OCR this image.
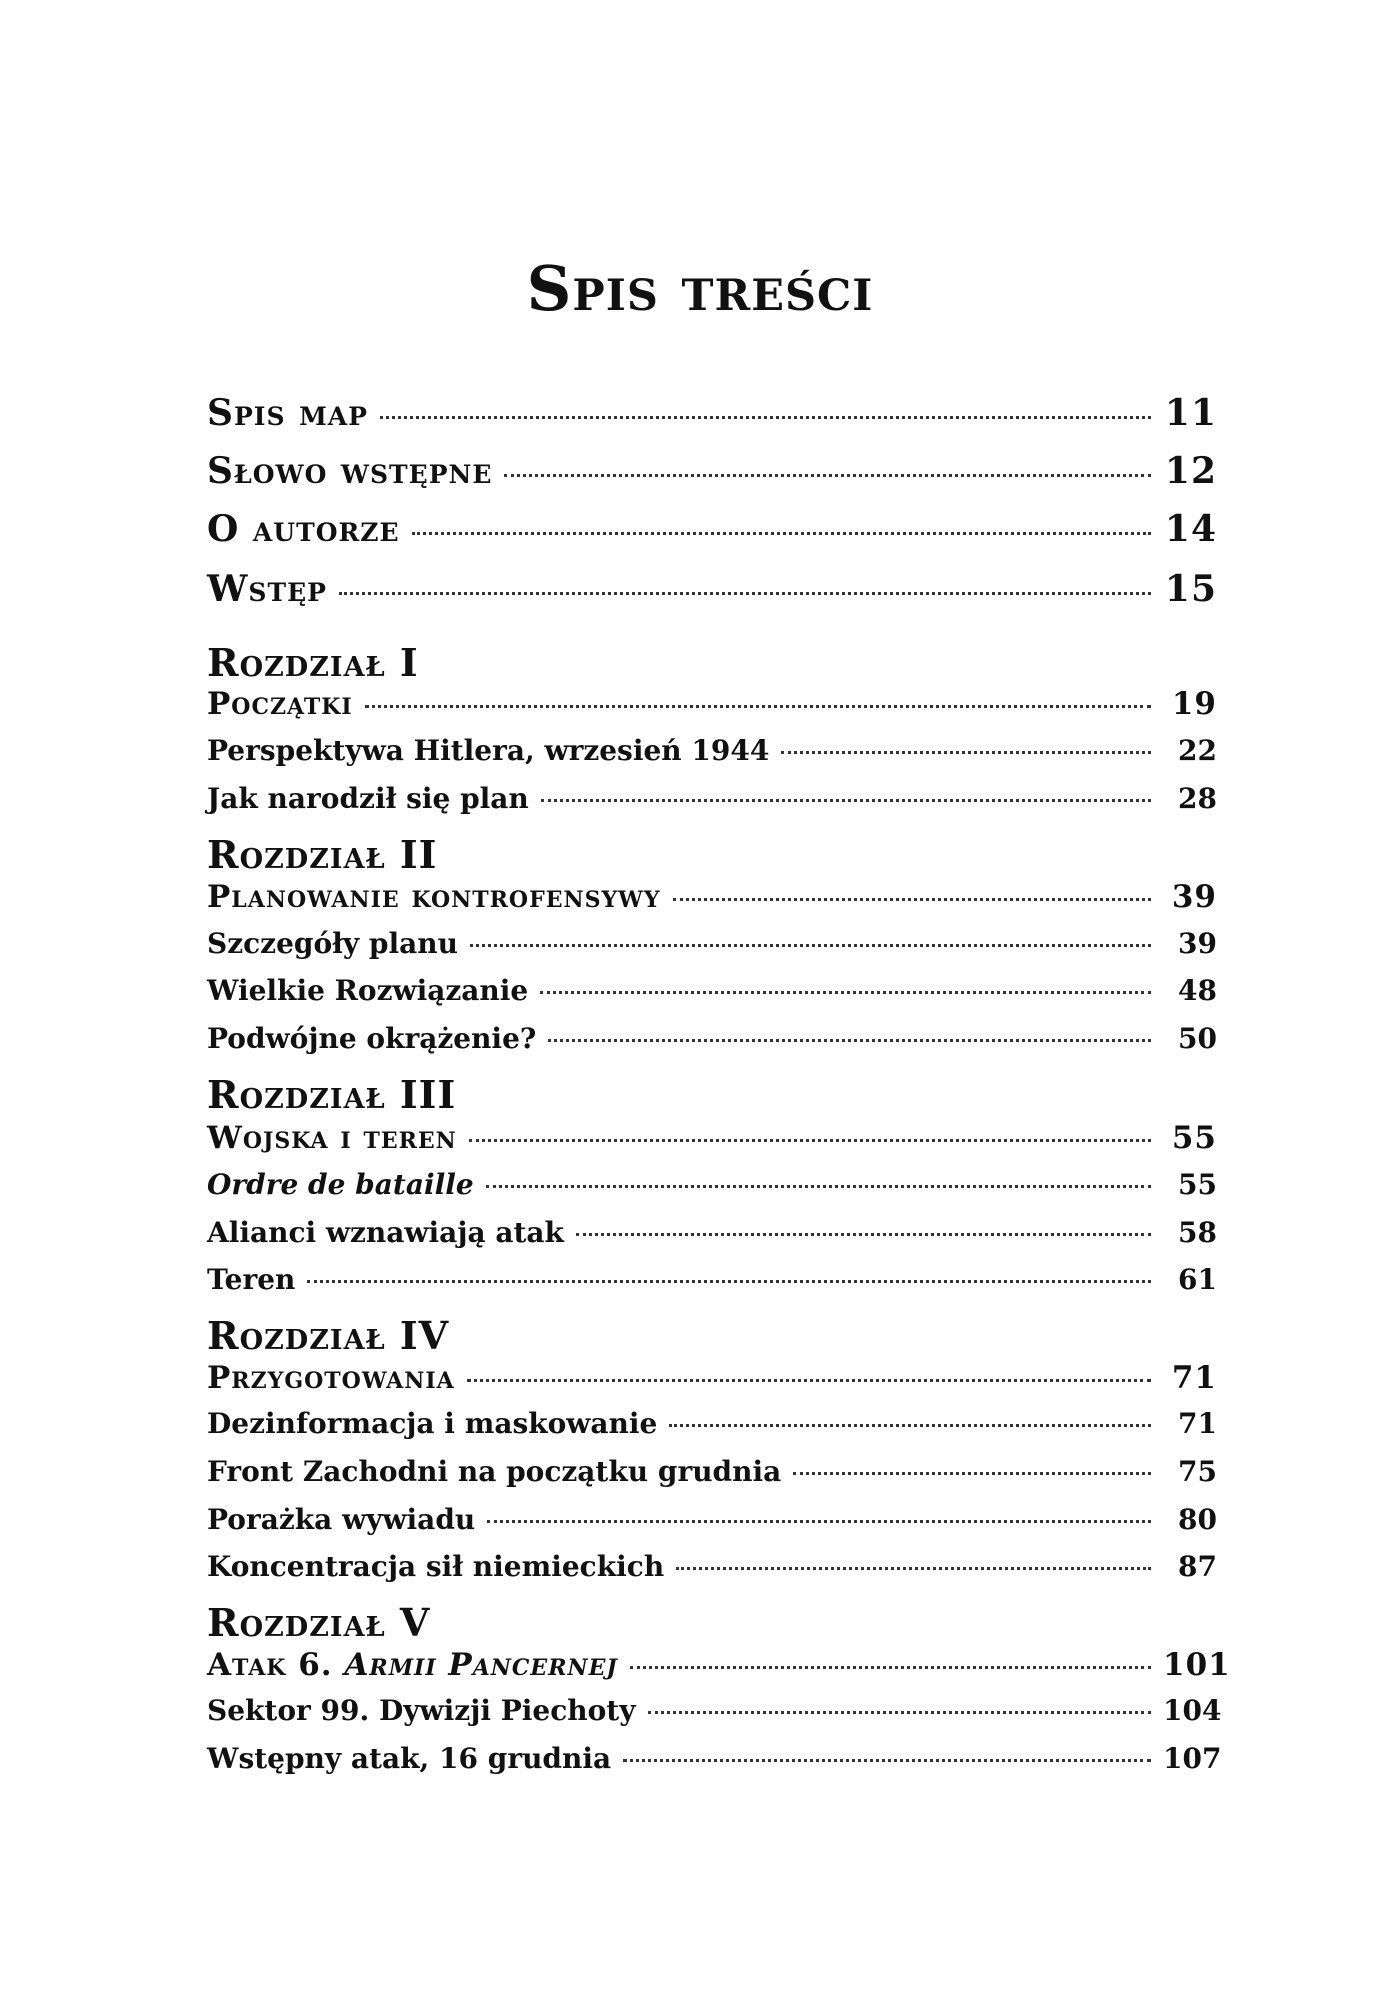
Spis treści
Spis map	11
Słowo wstępne	12
O autorze	14
Wstęp	15
Rozdział I
Początki	19
Perspektywa Hitlera, wrzesień 1944	22
Jak narodził się plan	28
Rozdział II
Planowanie kontrofensywy	39
Szczegóły planu	39
Wielkie Rozwiązanie	48
Podwójne okrążenie?	50
Rozdział III
Wojska i teren	55
Ordre de bataille	55
Alianci wznawiają atak	58
Teren	61
Rozdział IV
Przygotowania	71
Dezinformacja i maskowanie	71
Front Zachodni na początku grudnia	75
Porażka wywiadu	80
Koncentracja sił niemieckich	87
Rozdział V
Atak 6. Armii Pancernej	101
Sektor 99. Dywizji Piechoty	104
Wstępny atak, 16 grudnia	107
